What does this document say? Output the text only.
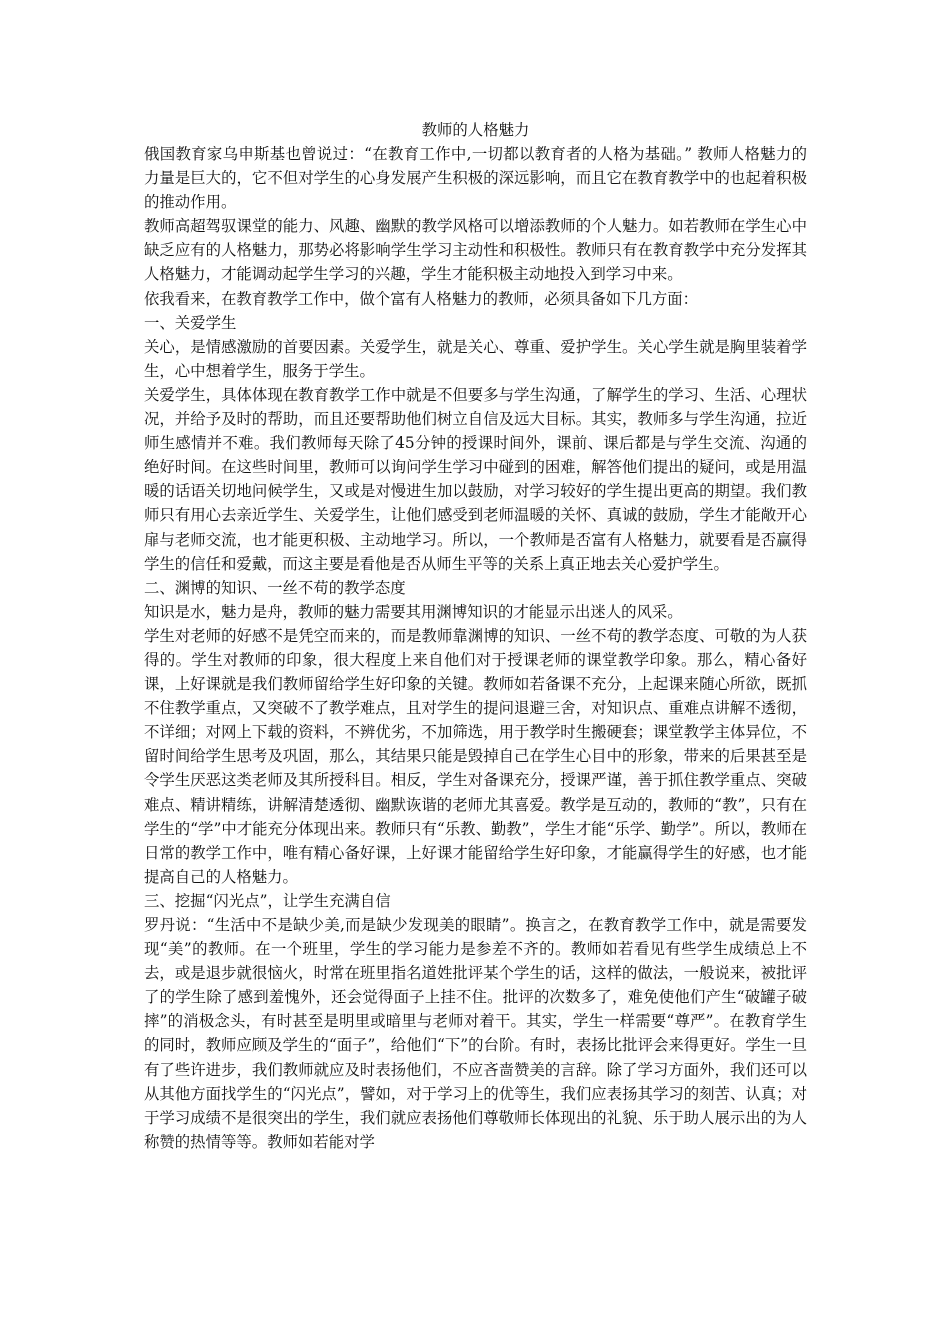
教师的人格魅力

俄国教育家乌申斯基也曾说过：“在教育工作中,一切都以教育者的人格为基础。” 教师人格魅力的力量是巨大的，它不但对学生的心身发展产生积极的深远影响，而且它在教育教学中的也起着积极的推动作用。

教师高超驾驭课堂的能力、风趣、幽默的教学风格可以增添教师的个人魅力。如若教师在学生心中缺乏应有的人格魅力，那势必将影响学生学习主动性和积极性。教师只有在教育教学中充分发挥其人格魅力，才能调动起学生学习的兴趣，学生才能积极主动地投入到学习中来。

依我看来，在教育教学工作中，做个富有人格魅力的教师，必须具备如下几方面：

一、关爱学生

关心，是情感激励的首要因素。关爱学生，就是关心、尊重、爱护学生。关心学生就是胸里装着学生，心中想着学生，服务于学生。

关爱学生，具体体现在教育教学工作中就是不但要多与学生沟通，了解学生的学习、生活、心理状况，并给予及时的帮助，而且还要帮助他们树立自信及远大目标。其实，教师多与学生沟通，拉近师生感情并不难。我们教师每天除了45分钟的授课时间外，课前、课后都是与学生交流、沟通的绝好时间。在这些时间里，教师可以询问学生学习中碰到的困难，解答他们提出的疑问，或是用温暖的话语关切地问候学生，又或是对慢进生加以鼓励，对学习较好的学生提出更高的期望。我们教师只有用心去亲近学生、关爱学生，让他们感受到老师温暖的关怀、真诚的鼓励，学生才能敞开心扉与老师交流，也才能更积极、主动地学习。所以，一个教师是否富有人格魅力，就要看是否赢得学生的信任和爱戴，而这主要是看他是否从师生平等的关系上真正地去关心爱护学生。

二、渊博的知识、一丝不苟的教学态度

知识是水，魅力是舟，教师的魅力需要其用渊博知识的才能显示出迷人的风采。

学生对老师的好感不是凭空而来的，而是教师靠渊博的知识、一丝不苟的教学态度、可敬的为人获得的。学生对教师的印象，很大程度上来自他们对于授课老师的课堂教学印象。那么，精心备好课，上好课就是我们教师留给学生好印象的关键。教师如若备课不充分，上起课来随心所欲，既抓不住教学重点，又突破不了教学难点，且对学生的提问退避三舍，对知识点、重难点讲解不透彻，不详细；对网上下载的资料，不辨优劣，不加筛选，用于教学时生搬硬套；课堂教学主体异位，不留时间给学生思考及巩固，那么，其结果只能是毁掉自己在学生心目中的形象，带来的后果甚至是令学生厌恶这类老师及其所授科目。相反，学生对备课充分，授课严谨，善于抓住教学重点、突破难点、精讲精练，讲解清楚透彻、幽默诙谐的老师尤其喜爱。教学是互动的，教师的“教”，只有在学生的“学”中才能充分体现出来。教师只有“乐教、勤教”，学生才能“乐学、勤学”。所以，教师在日常的教学工作中，唯有精心备好课，上好课才能留给学生好印象，才能赢得学生的好感，也才能提高自己的人格魅力。

三、挖掘“闪光点”，让学生充满自信

罗丹说：“生活中不是缺少美,而是缺少发现美的眼睛”。换言之，在教育教学工作中，就是需要发现“美”的教师。在一个班里，学生的学习能力是参差不齐的。教师如若看见有些学生成绩总上不去，或是退步就很恼火，时常在班里指名道姓批评某个学生的话，这样的做法，一般说来，被批评了的学生除了感到羞愧外，还会觉得面子上挂不住。批评的次数多了，难免使他们产生“破罐子破摔”的消极念头，有时甚至是明里或暗里与老师对着干。其实，学生一样需要“尊严”。在教育学生的同时，教师应顾及学生的“面子”，给他们“下”的台阶。有时，表扬比批评会来得更好。学生一旦有了些许进步，我们教师就应及时表扬他们，不应吝啬赞美的言辞。除了学习方面外，我们还可以从其他方面找学生的“闪光点”，譬如，对于学习上的优等生，我们应表扬其学习的刻苦、认真；对于学习成绩不是很突出的学生，我们就应表扬他们尊敬师长体现出的礼貌、乐于助人展示出的为人称赞的热情等等。教师如若能对学
